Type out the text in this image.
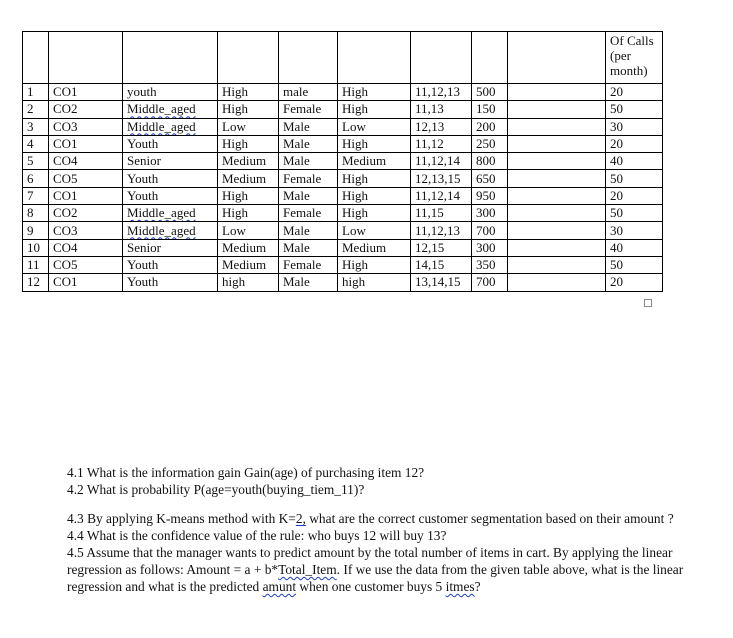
									Of Calls (per month)
1	CO1	youth	High	male	High	11,12,13	500		20
2	CO2	Middle_aged	High	Female	High	11,13	150		50
3	CO3	Middle_aged	Low	Male	Low	12,13	200		30
4	CO1	Youth	High	Male	High	11,12	250		20
5	CO4	Senior	Medium	Male	Medium	11,12,14	800		40
6	CO5	Youth	Medium	Female	High	12,13,15	650		50
7	CO1	Youth	High	Male	High	11,12,14	950		20
8	CO2	Middle_aged	High	Female	High	11,15	300		50
9	CO3	Middle_aged	Low	Male	Low	11,12,13	700		30
10	CO4	Senior	Medium	Male	Medium	12,15	300		40
11	CO5	Youth	Medium	Female	High	14,15	350		50
12	CO1	Youth	high	Male	high	13,14,15	700		20

4.1 What is the information gain Gain(age) of purchasing item 12?

4.2 What is probability P(age=youth(buying_tiem_11)?

4.3 By applying K-means method with K=2, what are the correct customer segmentation based on their amount ?

4.4 What is the confidence value of the rule: who buys 12 will buy 13?

4.5 Assume that the manager wants to predict amount by the total number of items in cart. By applying the linear regression as follows: Amount = a + b*Total_Item. If we use the data from the given table above, what is the linear regression and what is the predicted amunt when one customer buys 5 itmes?
